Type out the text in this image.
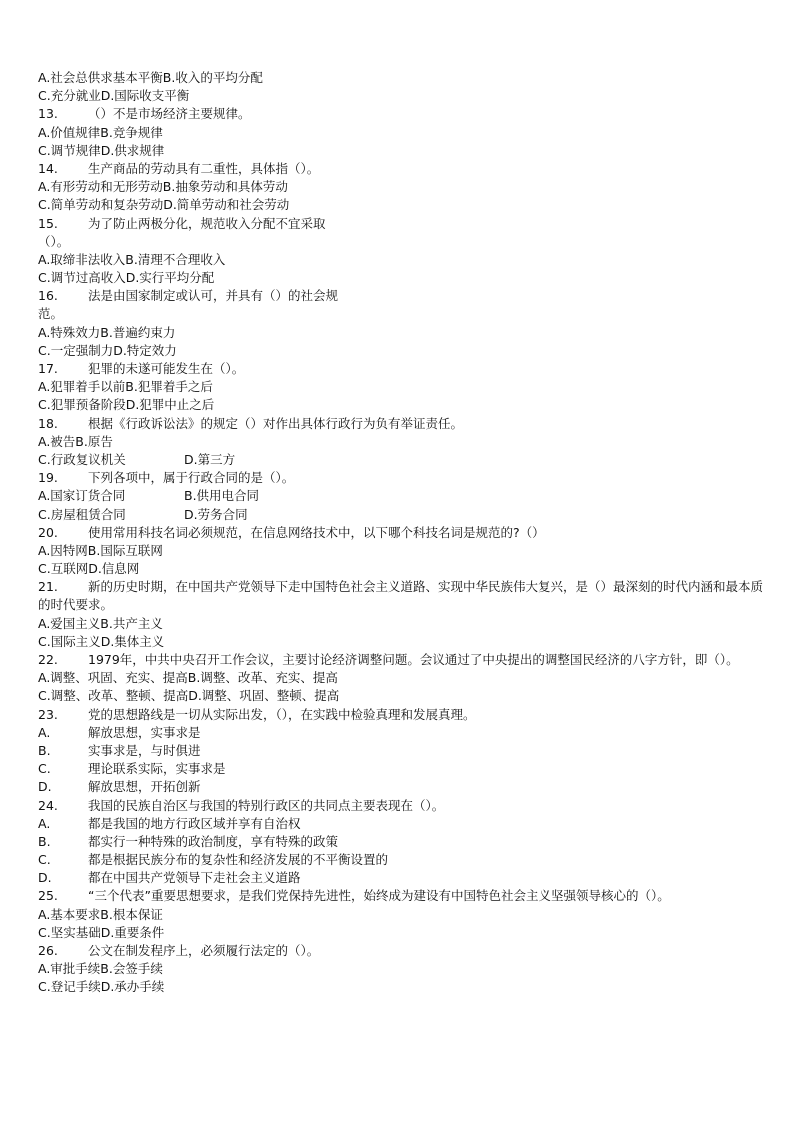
A.社会总供求基本平衡B.收入的平均分配
C.充分就业D.国际收支平衡
13. （）不是市场经济主要规律。
A.价值规律B.竞争规律
C.调节规律D.供求规律
14. 生产商品的劳动具有二重性，具体指（）。
A.有形劳动和无形劳动B.抽象劳动和具体劳动
C.简单劳动和复杂劳动D.简单劳动和社会劳动
15. 为了防止两极分化，规范收入分配不宜采取
（）。
A.取缔非法收入B.清理不合理收入
C.调节过高收入D.实行平均分配
16. 法是由国家制定或认可，并具有（）的社会规
范。
A.特殊效力B.普遍约束力
C.一定强制力D.特定效力
17. 犯罪的未遂可能发生在（）。
A.犯罪着手以前B.犯罪着手之后
C.犯罪预备阶段D.犯罪中止之后
18. 根据《行政诉讼法》的规定（）对作出具体行政行为负有举证责任。
A.被告B.原告
C.行政复议机关	D.第三方
19. 下列各项中，属于行政合同的是（）。
A.国家订货合同	B.供用电合同
C.房屋租赁合同	D.劳务合同
20. 使用常用科技名词必须规范，在信息网络技术中，以下哪个科技名词是规范的?（）
A.因特网B.国际互联网
C.互联网D.信息网
21. 新的历史时期，在中国共产党领导下走中国特色社会主义道路、实现中华民族伟大复兴，是（）最深刻的时代内涵和最本质的时代要求。
A.爱国主义B.共产主义
C.国际主义D.集体主义
22. 1979年，中共中央召开工作会议，主要讨论经济调整问题。会议通过了中央提出的调整国民经济的八字方针，即（）。
A.调整、巩固、充实、提高B.调整、改革、充实、提高
C.调整、改革、整顿、提高D.调整、巩固、整顿、提高
23. 党的思想路线是一切从实际出发，（），在实践中检验真理和发展真理。
A.	解放思想，实事求是
B.	实事求是，与时俱进
C.	理论联系实际，实事求是
D.	解放思想，开拓创新
24. 我国的民族自治区与我国的特别行政区的共同点主要表现在（）。
A.	都是我国的地方行政区域并享有自治权
B.	都实行一种特殊的政治制度，享有特殊的政策
C.	都是根据民族分布的复杂性和经济发展的不平衡设置的
D.	都在中国共产党领导下走社会主义道路
25. “三个代表”重要思想要求，是我们党保持先进性，始终成为建设有中国特色社会主义坚强领导核心的（）。
A.基本要求B.根本保证
C.坚实基础D.重要条件
26. 公文在制发程序上，必须履行法定的（）。
A.审批手续B.会签手续
C.登记手续D.承办手续
